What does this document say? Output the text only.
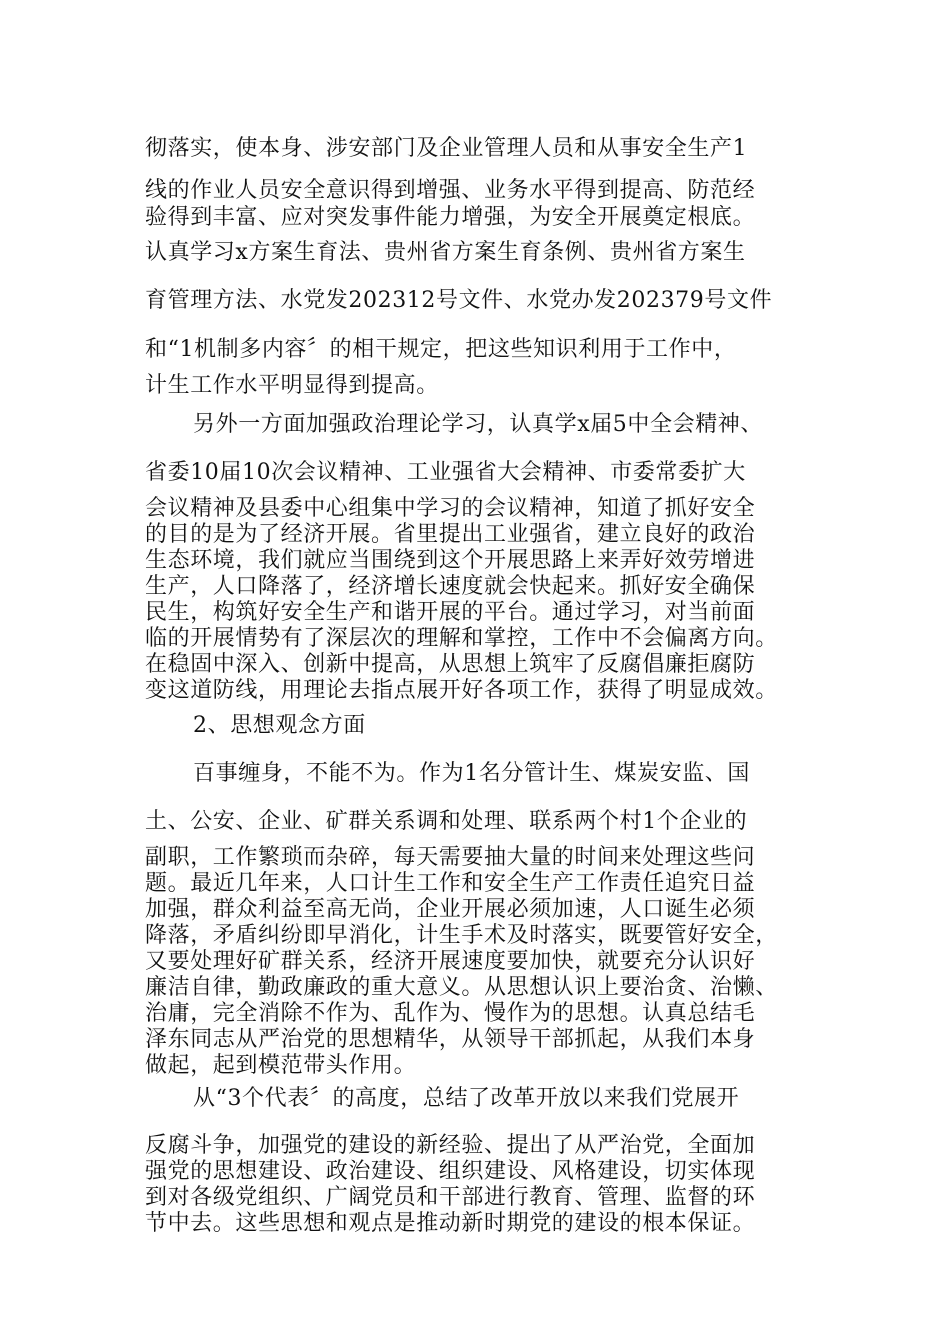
彻落实，使本身、涉安部门及企业管理人员和从事安全生产1
线的作业人员安全意识得到增强、业务水平得到提高、防范经
验得到丰富、应对突发事件能力增强，为安全开展奠定根底。
认真学习x方案生育法、贵州省方案生育条例、贵州省方案生
育管理方法、水党发202312号文件、水党办发202379号文件
和“1机制多内容〞的相干规定，把这些知识利用于工作中，
计生工作水平明显得到提高。
另外一方面加强政治理论学习，认真学x届5中全会精神、
省委10届10次会议精神、工业强省大会精神、市委常委扩大
会议精神及县委中心组集中学习的会议精神，知道了抓好安全
的目的是为了经济开展。省里提出工业强省，建立良好的政治
生态环境，我们就应当围绕到这个开展思路上来弄好效劳增进
生产，人口降落了，经济增长速度就会快起来。抓好安全确保
民生，构筑好安全生产和谐开展的平台。通过学习，对当前面
临的开展情势有了深层次的理解和掌控，工作中不会偏离方向。
在稳固中深入、创新中提高，从思想上筑牢了反腐倡廉拒腐防
变这道防线，用理论去指点展开好各项工作，获得了明显成效。
2、思想观念方面
百事缠身，不能不为。作为1名分管计生、煤炭安监、国
土、公安、企业、矿群关系调和处理、联系两个村1个企业的
副职，工作繁琐而杂碎，每天需要抽大量的时间来处理这些问
题。最近几年来，人口计生工作和安全生产工作责任追究日益
加强，群众利益至高无尚，企业开展必须加速，人口诞生必须
降落，矛盾纠纷即早消化，计生手术及时落实，既要管好安全，
又要处理好矿群关系，经济开展速度要加快，就要充分认识好
廉洁自律，勤政廉政的重大意义。从思想认识上要治贪、治懒、
治庸，完全消除不作为、乱作为、慢作为的思想。认真总结毛
泽东同志从严治党的思想精华，从领导干部抓起，从我们本身
做起，起到模范带头作用。
从“3个代表〞的高度，总结了改革开放以来我们党展开
反腐斗争，加强党的建设的新经验、提出了从严治党，全面加
强党的思想建设、政治建设、组织建设、风格建设，切实体现
到对各级党组织、广阔党员和干部进行教育、管理、监督的环
节中去。这些思想和观点是推动新时期党的建设的根本保证。
